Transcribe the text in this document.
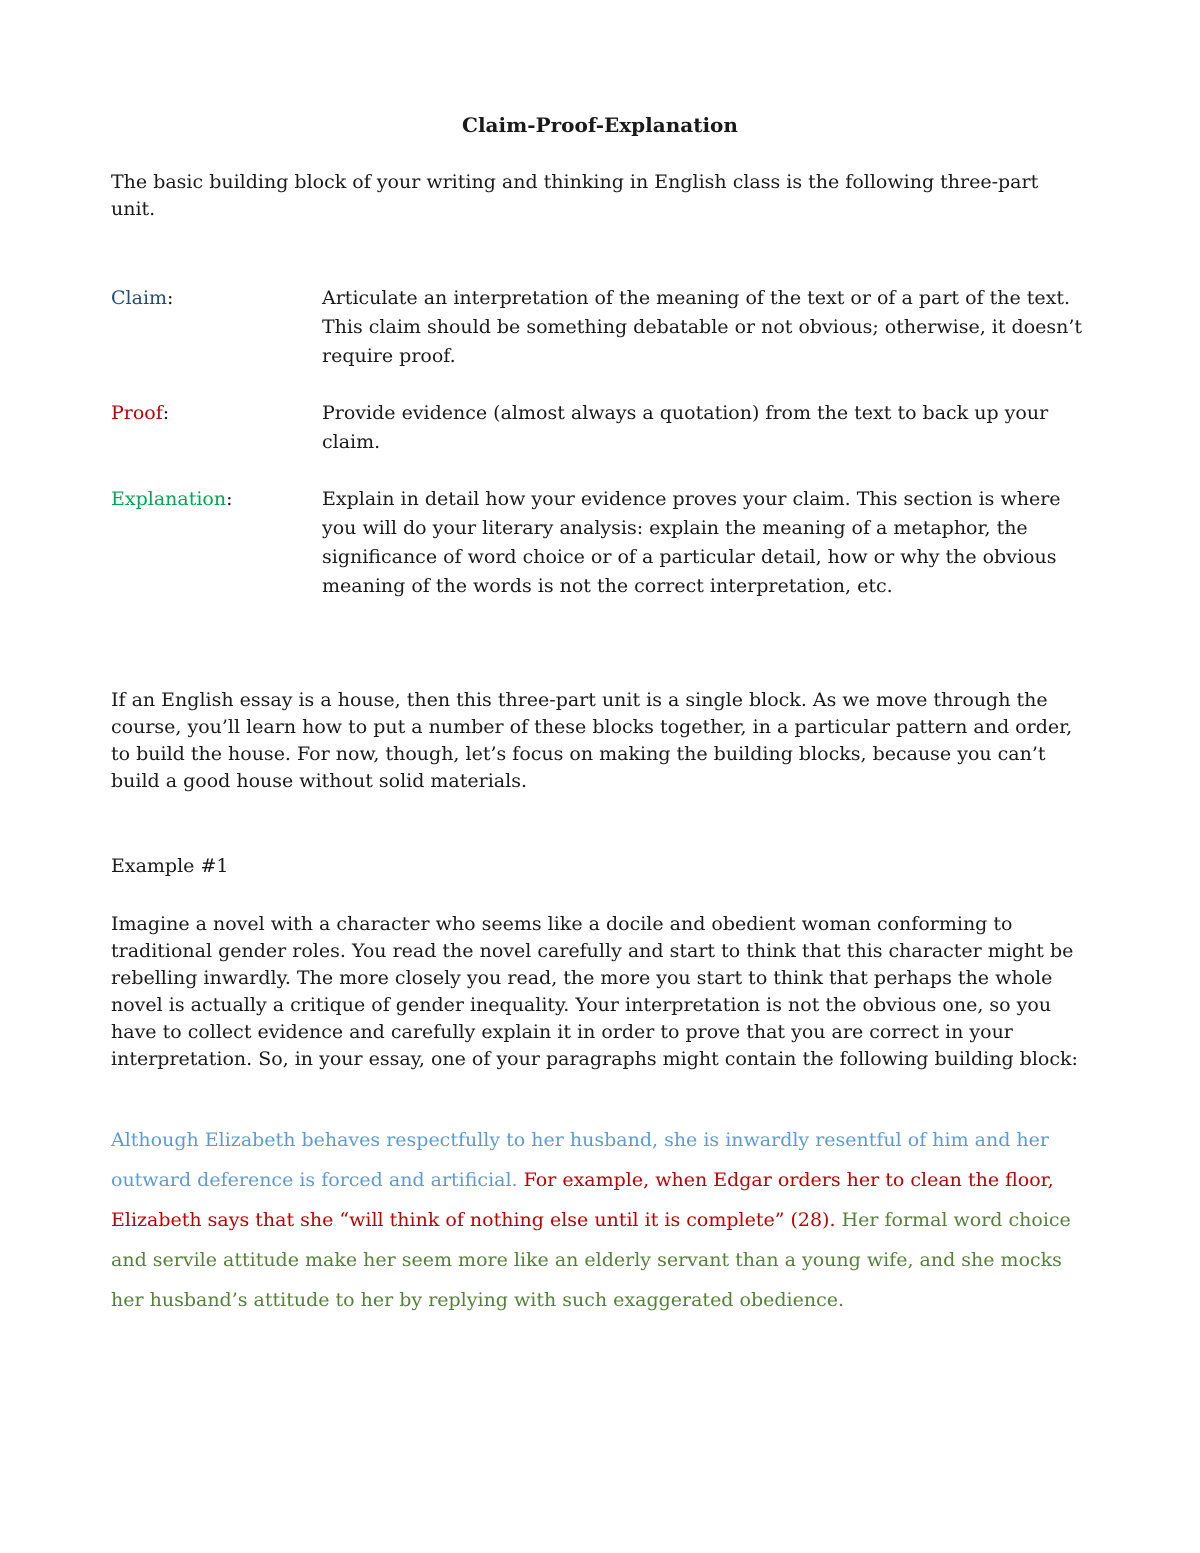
Claim-Proof-Explanation

The basic building block of your writing and thinking in English class is the following three-part unit.

Claim:	Articulate an interpretation of the meaning of the text or of a part of the text. This claim should be something debatable or not obvious; otherwise, it doesn’t require proof.
Proof:	Provide evidence (almost always a quotation) from the text to back up your claim.
Explanation:	Explain in detail how your evidence proves your claim. This section is where you will do your literary analysis: explain the meaning of a metaphor, the significance of word choice or of a particular detail, how or why the obvious meaning of the words is not the correct interpretation, etc.

If an English essay is a house, then this three-part unit is a single block. As we move through the course, you’ll learn how to put a number of these blocks together, in a particular pattern and order, to build the house. For now, though, let’s focus on making the building blocks, because you can’t build a good house without solid materials.

Example #1

Imagine a novel with a character who seems like a docile and obedient woman conforming to traditional gender roles. You read the novel carefully and start to think that this character might be rebelling inwardly. The more closely you read, the more you start to think that perhaps the whole novel is actually a critique of gender inequality. Your interpretation is not the obvious one, so you have to collect evidence and carefully explain it in order to prove that you are correct in your interpretation. So, in your essay, one of your paragraphs might contain the following building block:

Although Elizabeth behaves respectfully to her husband, she is inwardly resentful of him and her outward deference is forced and artificial. For example, when Edgar orders her to clean the floor, Elizabeth says that she “will think of nothing else until it is complete” (28). Her formal word choice and servile attitude make her seem more like an elderly servant than a young wife, and she mocks her husband’s attitude to her by replying with such exaggerated obedience.
